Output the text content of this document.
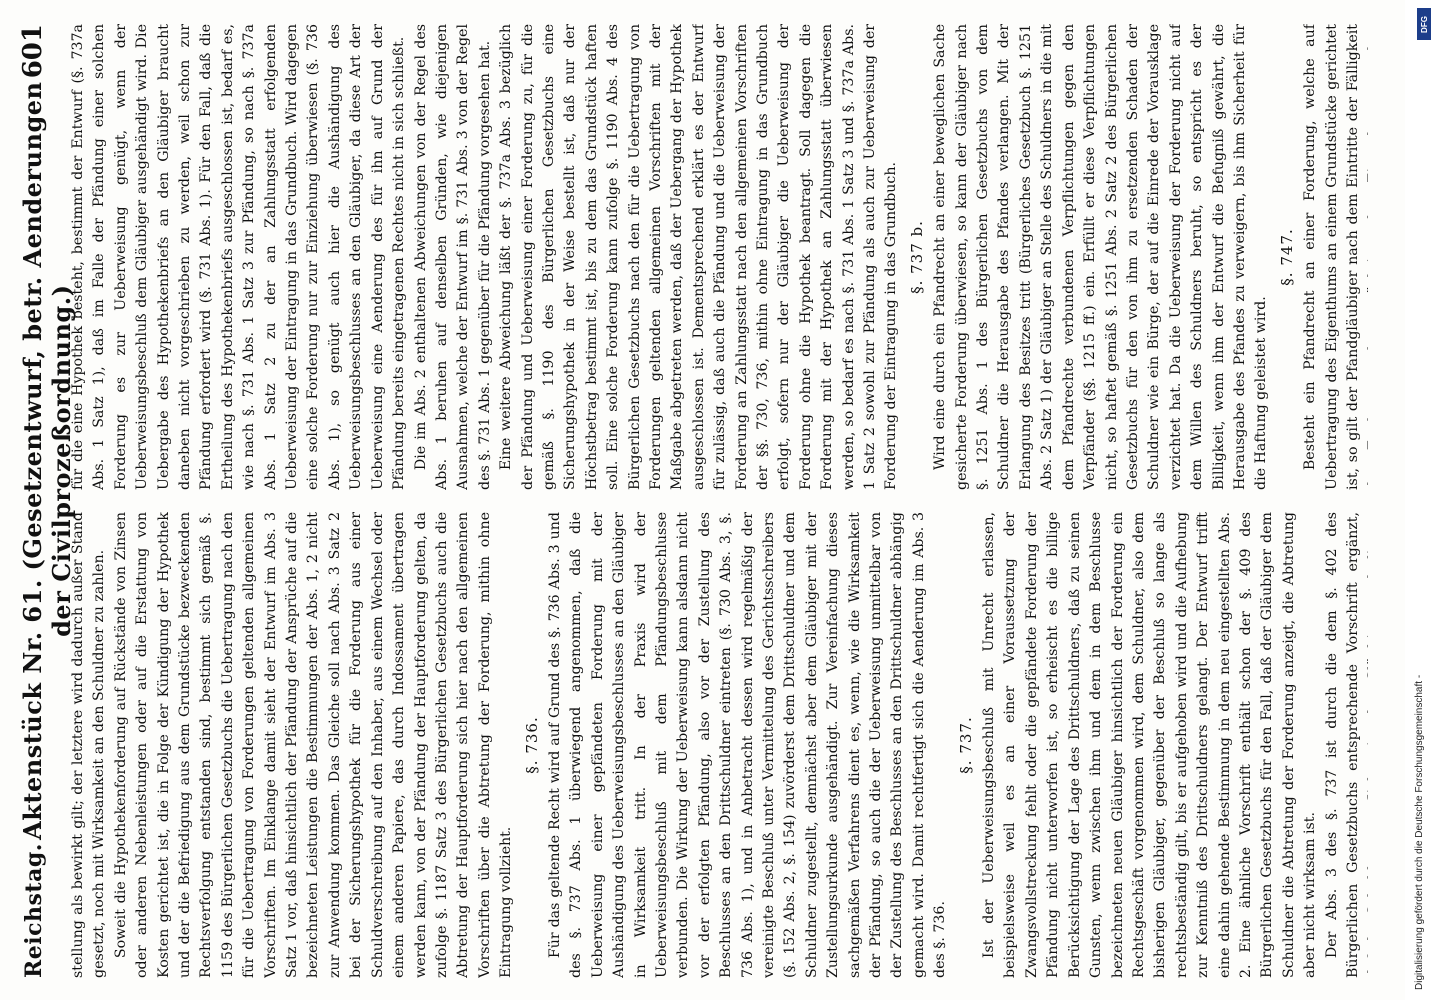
Reichstag.
Aktenstück Nr. 61. (Gesetzentwurf, betr. Aenderungen der Civilprozeßordnung.)
601

stellung als bewirkt gilt; der letztere wird dadurch außer Stand gesetzt, noch mit Wirksamkeit an den Schuldner zu zahlen. Soweit die Hypothekenforderung auf Rückstände von Zinsen oder anderen Nebenleistungen oder auf die Erstattung von Kosten gerichtet ist, die in Folge der Kündigung der Hypothek und der die Befriedigung aus dem Grundstücke bezweckenden Rechtsverfolgung entstanden sind, bestimmt sich gemäß §. 1159 des Bürgerlichen Gesetzbuchs die Uebertragung nach den für die Uebertragung von Forderungen geltenden allgemeinen Vorschriften. Im Einklange damit sieht der Entwurf im Abs. 3 Satz 1 vor, daß hinsichtlich der Pfändung der Ansprüche auf die bezeichneten Leistungen die Bestimmungen der Abs. 1, 2 nicht zur Anwendung kommen. Das Gleiche soll nach Abs. 3 Satz 2 bei der Sicherungshypothek für die Forderung aus einer Schuldverschreibung auf den Inhaber, aus einem Wechsel oder einem anderen Papiere, das durch Indossament übertragen werden kann, von der Pfändung der Hauptforderung gelten, da zufolge §. 1187 Satz 3 des Bürgerlichen Gesetzbuchs auch die Abtretung der Hauptforderung sich hier nach den allgemeinen Vorschriften über die Abtretung der Forderung, mithin ohne Eintragung vollzieht.

§. 736. Für das geltende Recht wird auf Grund des §. 736 Abs. 3 und des §. 737 Abs. 1 überwiegend angenommen, daß die Ueberweisung einer gepfändeten Forderung mit der Aushändigung des Ueberweisungsbeschlusses an den Gläubiger in Wirksamkeit tritt. In der Praxis wird der Ueberweisungsbeschluß mit dem Pfändungsbeschlusse verbunden. Die Wirkung der Ueberweisung kann alsdann nicht vor der erfolgten Pfändung, also vor der Zustellung des Beschlusses an den Drittschuldner eintreten (§. 730 Abs. 3, §. 736 Abs. 1), und in Anbetracht dessen wird regelmäßig der vereinigte Beschluß unter Vermittelung des Gerichtsschreibers (§. 152 Abs. 2, §. 154) zuvörderst dem Drittschuldner und dem Schuldner zugestellt, demnächst aber dem Gläubiger mit der Zustellungsurkunde ausgehändigt. Zur Vereinfachung dieses sachgemäßen Verfahrens dient es, wenn, wie die Wirksamkeit der Pfändung, so auch die der Ueberweisung unmittelbar von der Zustellung des Beschlusses an den Drittschuldner abhängig gemacht wird. Damit rechtfertigt sich die Aenderung im Abs. 3 des §. 736.

§. 737. Ist der Ueberweisungsbeschluß mit Unrecht erlassen, beispielsweise weil es an einer Voraussetzung der Zwangsvollstreckung fehlt oder die gepfändete Forderung der Pfändung nicht unterworfen ist, so erheischt es die billige Berücksichtigung der Lage des Drittschuldners, daß zu seinen Gunsten, wenn zwischen ihm und dem in dem Beschlusse bezeichneten neuen Gläubiger hinsichtlich der Forderung ein Rechtsgeschäft vorgenommen wird, dem Schuldner, also dem bisherigen Gläubiger, gegenüber der Beschluß so lange als rechtsbeständig gilt, bis er aufgehoben wird und die Aufhebung zur Kenntniß des Drittschuldners gelangt. Der Entwurf trifft eine dahin gehende Bestimmung in dem neu eingestellten Abs. 2. Eine ähnliche Vorschrift enthält schon der §. 409 des Bürgerlichen Gesetzbuchs für den Fall, daß der Gläubiger dem Schuldner die Abtretung der Forderung anzeigt, die Abtretung aber nicht wirksam ist. Der Abs. 3 des §. 737 ist durch die dem §. 402 des Bürgerlichen Gesetzbuchs entsprechende Vorschrift ergänzt,

für die eine Hypothek besteht, bestimmt der Entwurf (§. 737a Abs. 1 Satz 1), daß im Falle der Pfändung einer solchen Forderung es zur Ueberweisung genügt, wenn der Ueberweisungsbeschluß dem Gläubiger ausgehändigt wird. Die Uebergabe des Hypothekenbriefs an den Gläubiger braucht daneben nicht vorgeschrieben zu werden, weil schon zur Pfändung erfordert wird (§. 731 Abs. 1). Für den Fall, daß die Ertheilung des Hypothekenbriefs ausgeschlossen ist, bedarf es, wie nach §. 731 Abs. 1 Satz 3 zur Pfändung, so nach §. 737a Abs. 1 Satz 2 zu der an Zahlungsstatt erfolgenden Ueberweisung der Eintragung in das Grundbuch. Wird dagegen eine solche Forderung nur zur Einziehung überwiesen (§. 736 Abs. 1), so genügt auch hier die Aushändigung des Ueberweisungsbeschlusses an den Gläubiger, da diese Art der Ueberweisung eine Aenderung des für ihn auf Grund der Pfändung bereits eingetragenen Rechtes nicht in sich schließt. Die im Abs. 2 enthaltenen Abweichungen von der Regel des Abs. 1 beruhen auf denselben Gründen, wie diejenigen Ausnahmen, welche der Entwurf im §. 731 Abs. 3 von der Regel des §. 731 Abs. 1 gegenüber für die Pfändung vorgesehen hat. Eine weitere Abweichung läßt der §. 737a Abs. 3 bezüglich der Pfändung und Ueberweisung einer Forderung zu, für die gemäß §. 1190 des Bürgerlichen Gesetzbuchs eine Sicherungshypothek in der Weise bestellt ist, daß nur der Höchstbetrag bestimmt ist, bis zu dem das Grundstück haften soll. Eine solche Forderung kann zufolge §. 1190 Abs. 4 des Bürgerlichen Gesetzbuchs nach den für die Uebertragung von Forderungen geltenden allgemeinen Vorschriften mit der Maßgabe abgetreten werden, daß der Uebergang der Hypothek ausgeschlossen ist. Dementsprechend erklärt es der Entwurf für zulässig, daß auch die Pfändung und die Ueberweisung der Forderung an Zahlungsstatt nach den allgemeinen Vorschriften der §§. 730, 736, mithin ohne Eintragung in das Grundbuch erfolgt, sofern nur der Gläubiger die Ueberweisung der Forderung ohne die Hypothek beantragt. Soll dagegen die Forderung mit der Hypothek an Zahlungsstatt überwiesen werden, so bedarf es nach §. 731 Abs. 1 Satz 3 und §. 737a Abs. 1 Satz 2 sowohl zur Pfändung als auch zur Ueberweisung der Forderung der Eintragung in das Grundbuch. §. 737 b. Wird eine durch ein Pfandrecht an einer beweglichen Sache gesicherte Forderung überwiesen, so kann der Gläubiger nach §. 1251 Abs. 1 des Bürgerlichen Gesetzbuchs von dem Schuldner die Herausgabe des Pfandes verlangen. Mit der Erlangung des Besitzes tritt (Bürgerliches Gesetzbuch §. 1251 Abs. 2 Satz 1) der Gläubiger an Stelle des Schuldners in die mit dem Pfandrechte verbundenen Verpflichtungen gegen den Verpfänder (§§. 1215 ff.) ein. Erfüllt er diese Verpflichtungen nicht, so haftet gemäß §. 1251 Abs. 2 Satz 2 des Bürgerlichen Gesetzbuchs für den von ihm zu ersetzenden Schaden der Schuldner wie ein Bürge, der auf die Einrede der Vorausklage verzichtet hat. Da die Ueberweisung der Forderung nicht auf dem Willen des Schuldners beruht, so entspricht es der Billigkeit, wenn ihm der Entwurf die Befugniß gewährt, die Herausgabe des Pfandes zu verweigern, bis ihm Sicherheit für die Haftung geleistet wird.

§. 747.

Besteht ein Pfandrecht an einer Forderung, welche auf Uebertragung des Eigenthums an einem Grundstücke gerichtet ist, so gilt der Pfandgläubiger nach dem Eintritte der Fälligkeit	DFG
Digitalisierung gefördert durch die Deutsche Forschungsgemeinschaft -
